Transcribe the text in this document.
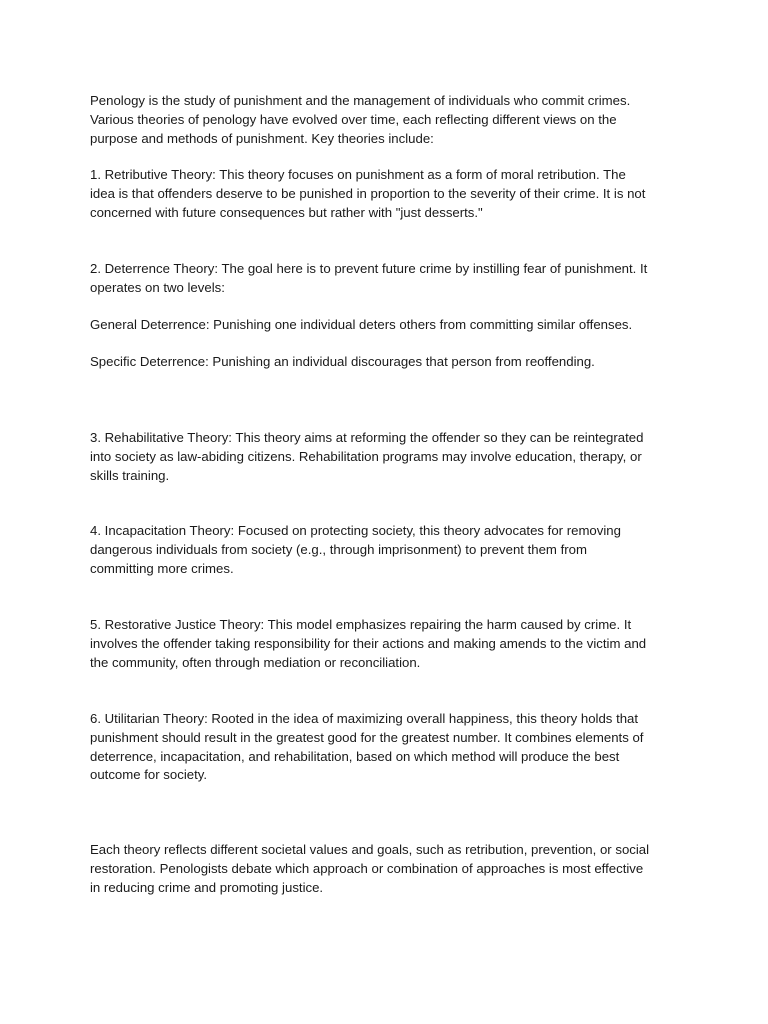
Penology is the study of punishment and the management of individuals who commit crimes.
Various theories of penology have evolved over time, each reflecting different views on the
purpose and methods of punishment. Key theories include:

1. Retributive Theory: This theory focuses on punishment as a form of moral retribution. The
idea is that offenders deserve to be punished in proportion to the severity of their crime. It is not
concerned with future consequences but rather with "just desserts."

2. Deterrence Theory: The goal here is to prevent future crime by instilling fear of punishment. It
operates on two levels:

General Deterrence: Punishing one individual deters others from committing similar offenses.

Specific Deterrence: Punishing an individual discourages that person from reoffending.

3. Rehabilitative Theory: This theory aims at reforming the offender so they can be reintegrated
into society as law-abiding citizens. Rehabilitation programs may involve education, therapy, or
skills training.

4. Incapacitation Theory: Focused on protecting society, this theory advocates for removing
dangerous individuals from society (e.g., through imprisonment) to prevent them from
committing more crimes.

5. Restorative Justice Theory: This model emphasizes repairing the harm caused by crime. It
involves the offender taking responsibility for their actions and making amends to the victim and
the community, often through mediation or reconciliation.

6. Utilitarian Theory: Rooted in the idea of maximizing overall happiness, this theory holds that
punishment should result in the greatest good for the greatest number. It combines elements of
deterrence, incapacitation, and rehabilitation, based on which method will produce the best
outcome for society.

Each theory reflects different societal values and goals, such as retribution, prevention, or social
restoration. Penologists debate which approach or combination of approaches is most effective
in reducing crime and promoting justice.
